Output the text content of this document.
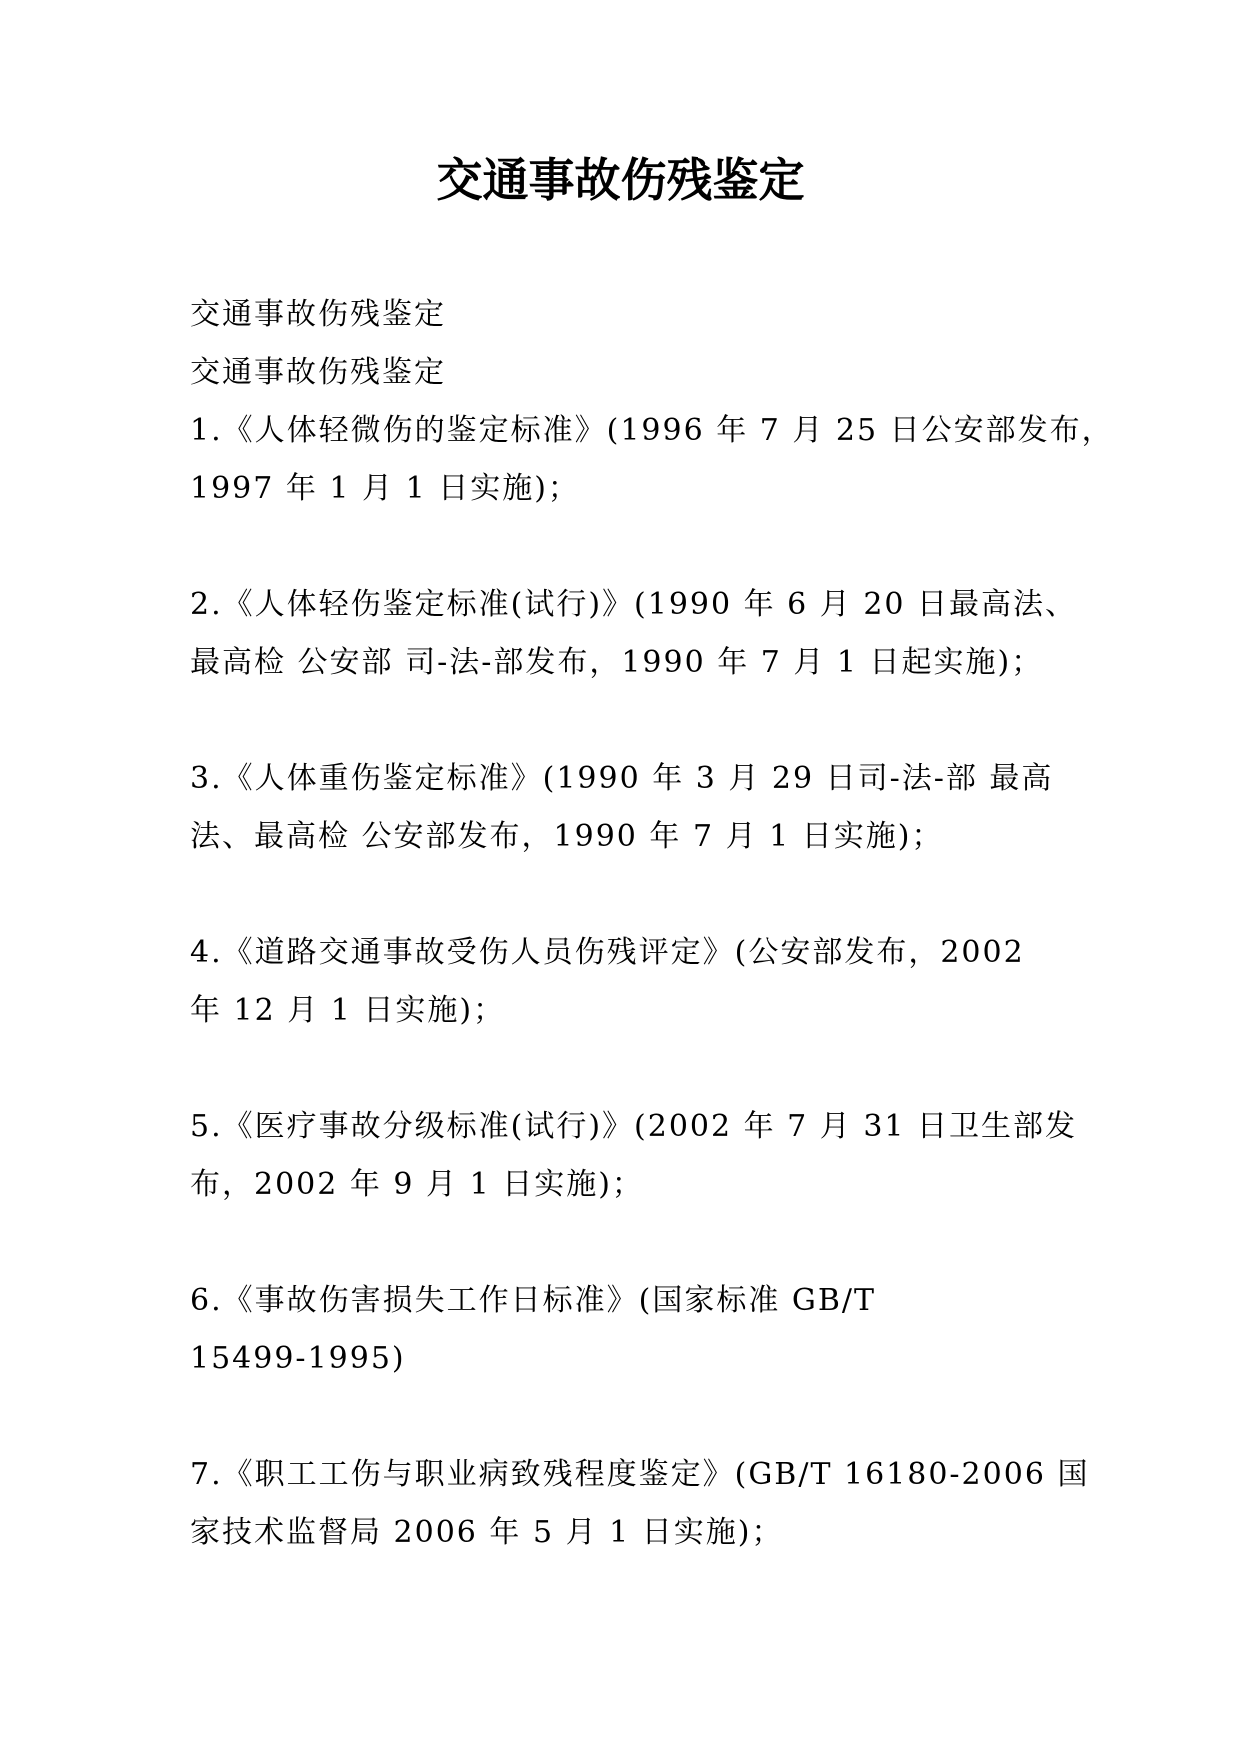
交通事故伤残鉴定

交通事故伤残鉴定

交通事故伤残鉴定

1.《人体轻微伤的鉴定标准》(1996 年 7 月 25 日公安部发布，

1997 年 1 月 1 日实施)；

2.《人体轻伤鉴定标准(试行)》(1990 年 6 月 20 日最高法、

最高检 公安部 司-法-部发布，1990 年 7 月 1 日起实施)；

3.《人体重伤鉴定标准》(1990 年 3 月 29 日司-法-部 最高

法、最高检 公安部发布，1990 年 7 月 1 日实施)；

4.《道路交通事故受伤人员伤残评定》(公安部发布，2002

年 12 月 1 日实施)；

5.《医疗事故分级标准(试行)》(2002 年 7 月 31 日卫生部发

布，2002 年 9 月 1 日实施)；

6.《事故伤害损失工作日标准》(国家标准 GB/T

15499-1995)

7.《职工工伤与职业病致残程度鉴定》(GB/T 16180-2006 国

家技术监督局 2006 年 5 月 1 日实施)；
